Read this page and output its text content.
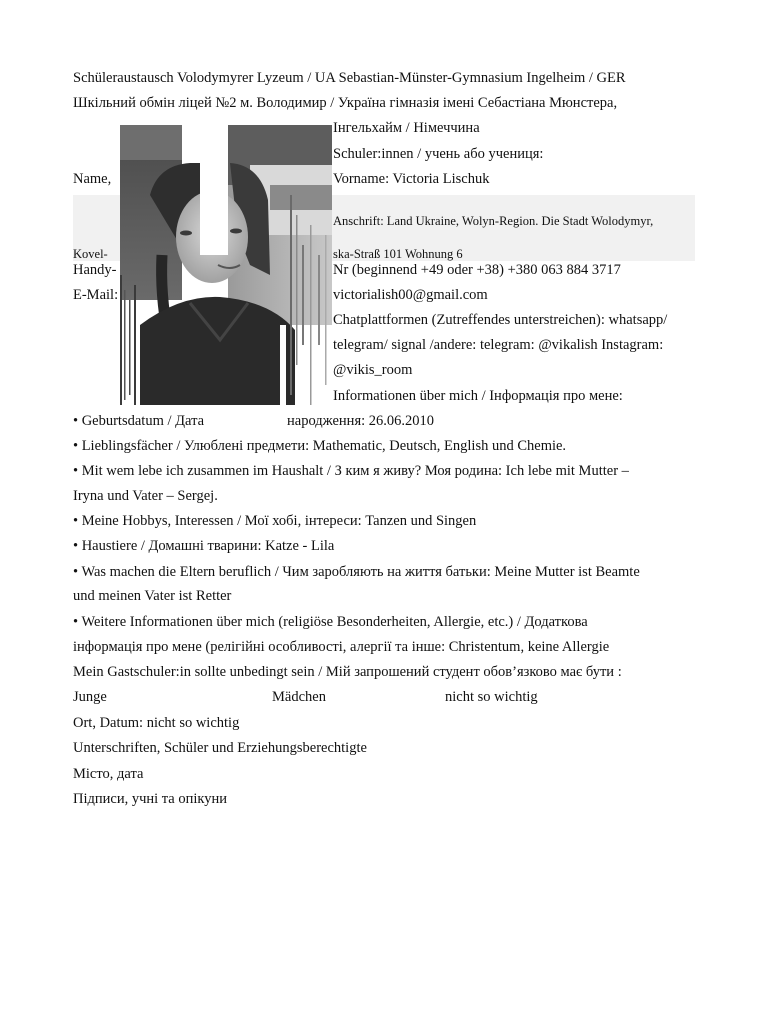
Schüleraustausch Volodymyrer Lyzeum / UA Sebastian-Münster-Gymnasium Ingelheim / GER
Шкільний обмін ліцей №2 м. Володимир / Україна гімназія імені Себастіана Мюнстера,
Інгельхайм / Німеччина
Schuler:innen / учень або учениця:
Name,	Vorname: Victoria Lischuk
Anschrift: Land Ukraine, Wolyn-Region. Die Stadt Wolodymyr,
Kovel-	ska-Straß 101 Wohnung 6
Handy-	Nr (beginnend +49 oder +38) +380 063 884 3717
E-Mail:	victorialish00@gmail.com
Chatplattformen (Zutreffendes unterstreichen): whatsapp/
telegram/ signal /andere: telegram: @vikalish Instagram:
@vikis_room
Informationen über mich / Інформація про мене:
• Geburtsdatum / Дата	народження: 26.06.2010
• Lieblingsfächer / Улюблені предмети: Mathematic, Deutsch, English und Chemie.
• Mit wem lebe ich zusammen im Haushalt / З ким я живу? Моя родина: Ich lebe mit Mutter –
Iryna und Vater – Sergej.
• Meine Hobbys, Interessen / Мої хобі, інтереси: Tanzen und Singen
• Haustiere / Домашні тварини: Katze - Lila
• Was machen die Eltern beruflich / Чим заробляють на життя батьки: Meine Mutter ist Beamte
und meinen Vater ist Retter
• Weitere Informationen über mich (religiöse Besonderheiten, Allergie, etc.) / Додаткова
інформація про мене (релігійні особливості, алергії та інше: Christentum, keine Allergie
Mein Gastschuler:in sollte unbedingt sein / Мій запрошений студент обов’язково має бути :
Junge	Mädchen	nicht so wichtig
Ort, Datum: nicht so wichtig
Unterschriften, Schüler und Erziehungsberechtigte
Місто, дата
Підписи, учні та опікуни
